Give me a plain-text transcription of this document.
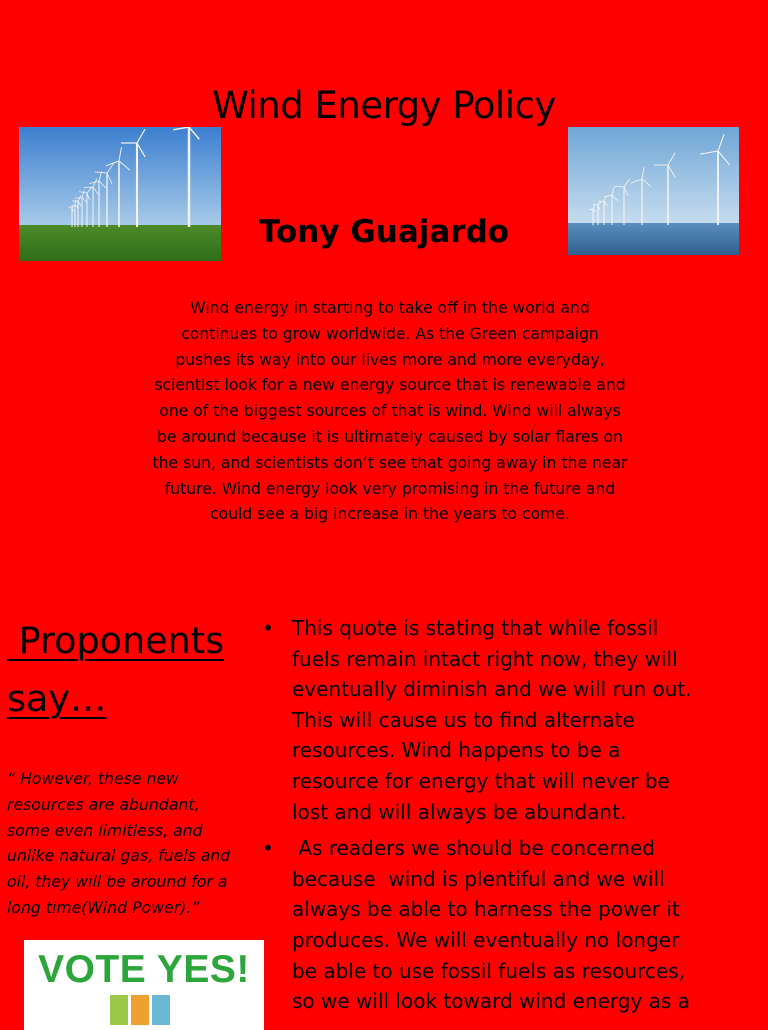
Wind Energy Policy
Tony Guajardo
Wind energy in starting to take off in the world and
continues to grow worldwide. As the Green campaign
pushes its way into our lives more and more everyday,
scientist look for a new energy source that is renewable and
one of the biggest sources of that is wind. Wind will always
be around because it is ultimately caused by solar flares on
the sun, and scientists don’t see that going away in the near
future. Wind energy look very promising in the future and
could see a big increase in the years to come.
Proponents
say…
“ However, these new
resources are abundant,
some even limitless, and
unlike natural gas, fuels and
oil, they will be around for a
long time(Wind Power).”
• This quote is stating that while fossil
fuels remain intact right now, they will
eventually diminish and we will run out.
This will cause us to find alternate
resources. Wind happens to be a
resource for energy that will never be
lost and will always be abundant.
• As readers we should be concerned
because  wind is plentiful and we will
always be able to harness the power it
produces. We will eventually no longer
be able to use fossil fuels as resources,
so we will look toward wind energy as a
VOTE YES!
